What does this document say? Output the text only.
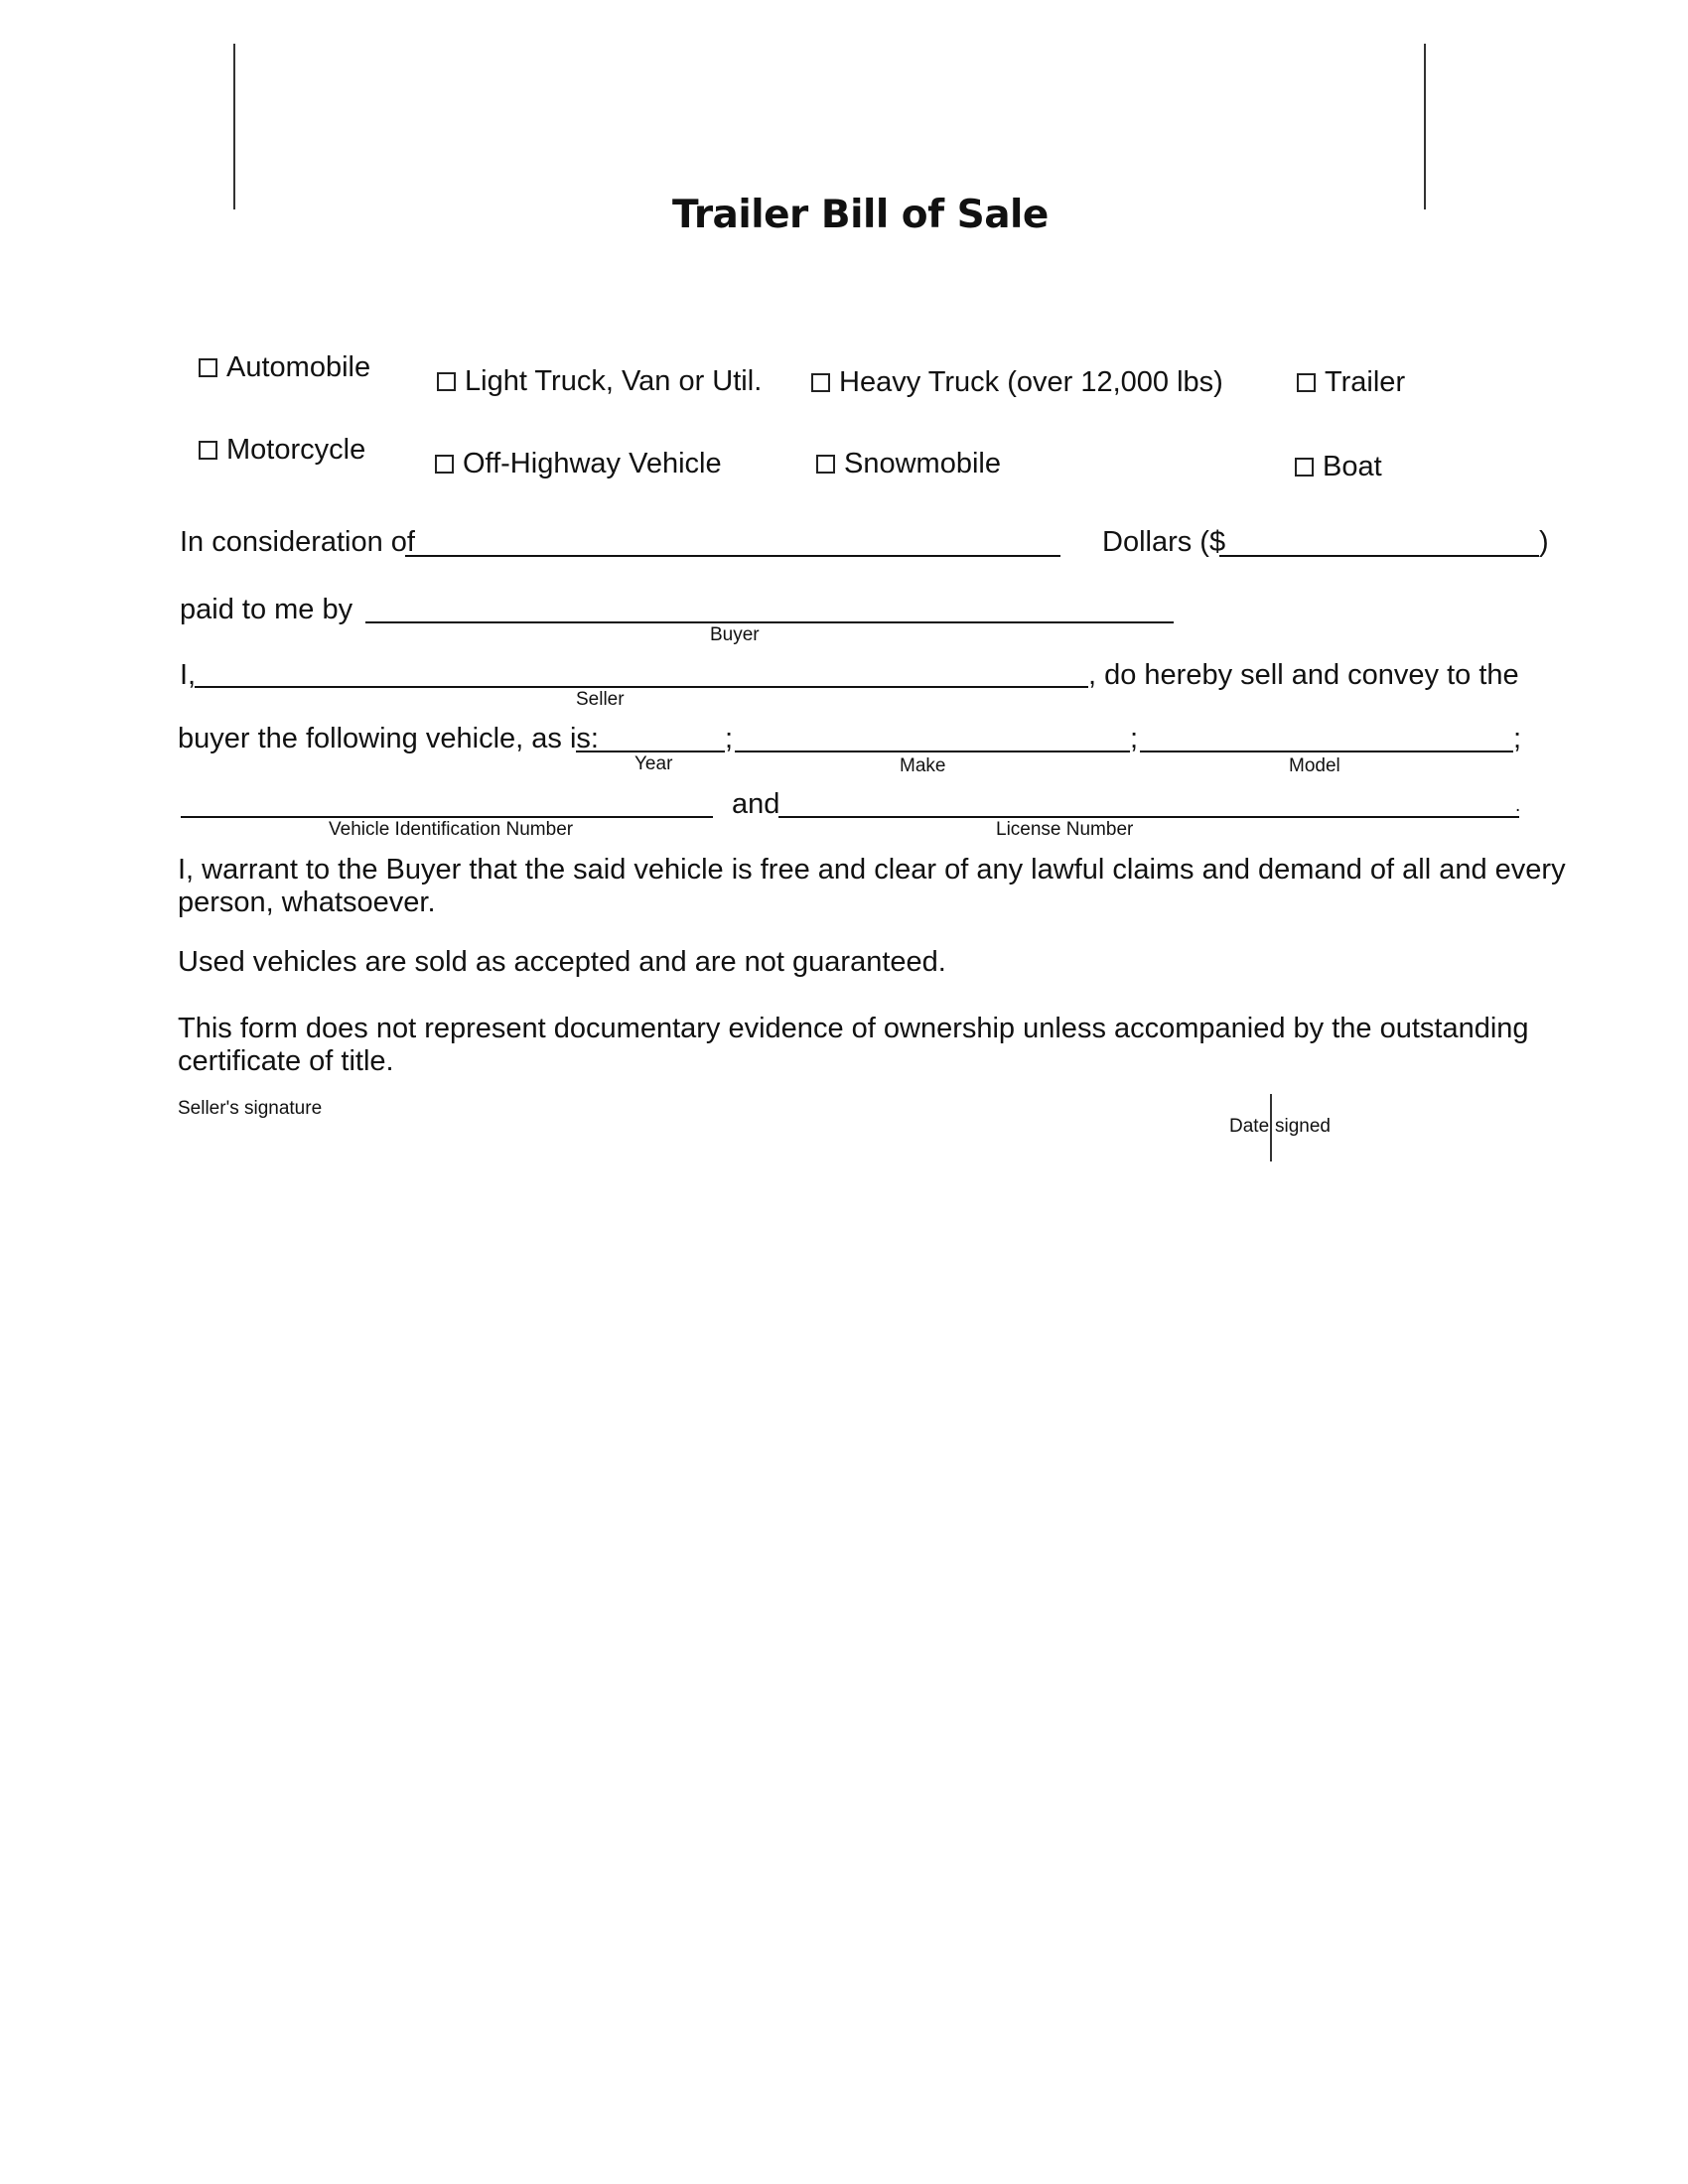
Trailer Bill of Sale
Automobile	Light Truck, Van or Util.	Heavy Truck (over 12,000 lbs)	Trailer
Motorcycle	Off-Highway Vehicle	Snowmobile	Boat
In consideration of	Dollars ($	)
paid to me by
Buyer
I,	, do hereby sell and convey to the
Seller
buyer the following vehicle, as is:	;	;	;
Year	Make	Model
and	.
Vehicle Identification Number	License Number
I, warrant to the Buyer that the said vehicle is free and clear of any lawful claims and demand of all and every person, whatsoever.
Used vehicles are sold as accepted and are not guaranteed.
This form does not represent documentary evidence of ownership unless accompanied by the outstanding certificate of title.
Seller's signature
Date signed
